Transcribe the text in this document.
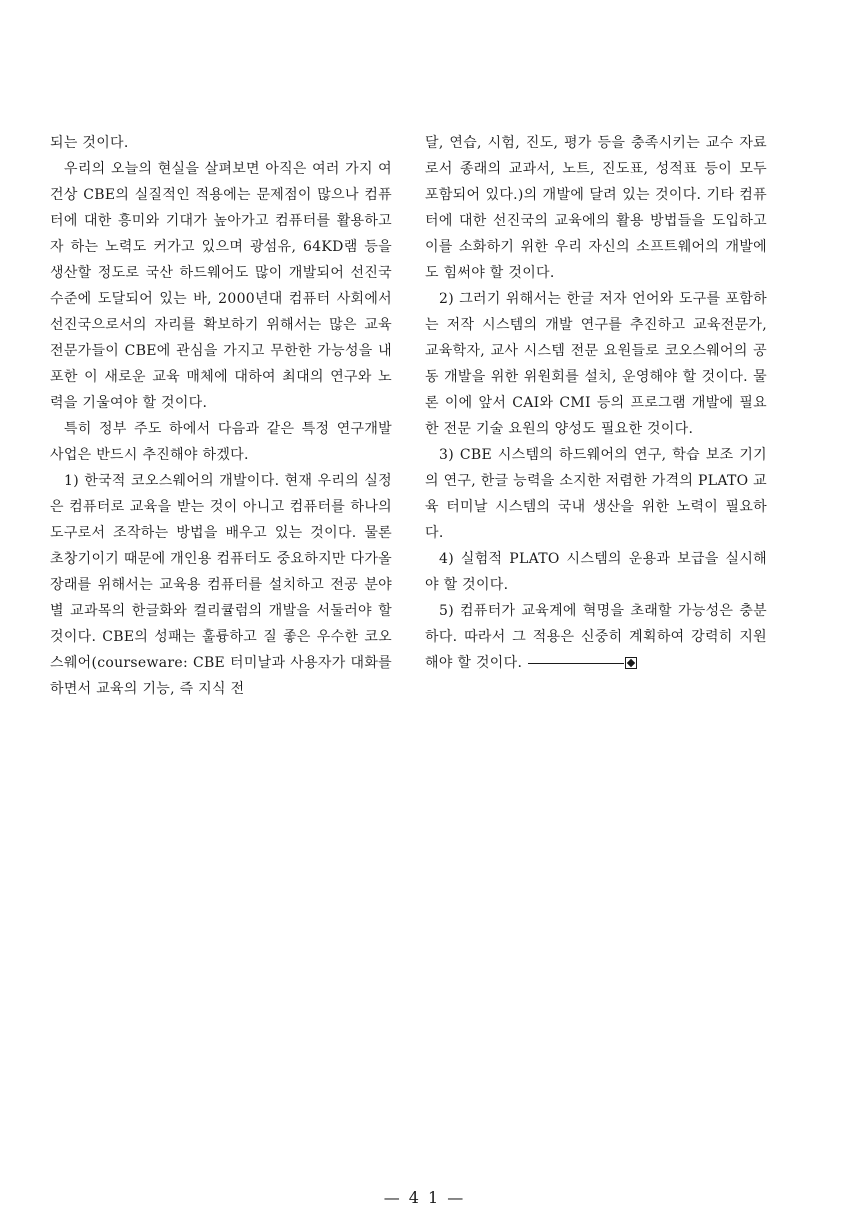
되는 것이다.

우리의 오늘의 현실을 살펴보면 아직은 여러 가지 여건상 CBE의 실질적인 적용에는 문제점이 많으나 컴퓨터에 대한 흥미와 기대가 높아가고 컴퓨터를 활용하고자 하는 노력도 커가고 있으며 광섬유, 64KD램 등을 생산할 정도로 국산 하드웨어도 많이 개발되어 선진국 수준에 도달되어 있는 바, 2000년대 컴퓨터 사회에서 선진국으로서의 자리를 확보하기 위해서는 많은 교육 전문가들이 CBE에 관심을 가지고 무한한 가능성을 내포한 이 새로운 교육 매체에 대하여 최대의 연구와 노력을 기울여야 할 것이다.

특히 정부 주도 하에서 다음과 같은 특정 연구개발 사업은 반드시 추진해야 하겠다.

1) 한국적 코오스웨어의 개발이다. 현재 우리의 실정은 컴퓨터로 교육을 받는 것이 아니고 컴퓨터를 하나의 도구로서 조작하는 방법을 배우고 있는 것이다. 물론 초창기이기 때문에 개인용 컴퓨터도 중요하지만 다가올 장래를 위해서는 교육용 컴퓨터를 설치하고 전공 분야별 교과목의 한글화와 컬리큘럼의 개발을 서둘러야 할 것이다. CBE의 성패는 훌륭하고 질 좋은 우수한 코오스웨어(courseware: CBE 터미날과 사용자가 대화를 하면서 교육의 기능, 즉 지식 전

달, 연습, 시험, 진도, 평가 등을 충족시키는 교수 자료로서 종래의 교과서, 노트, 진도표, 성적표 등이 모두 포함되어 있다.)의 개발에 달려 있는 것이다. 기타 컴퓨터에 대한 선진국의 교육에의 활용 방법들을 도입하고 이를 소화하기 위한 우리 자신의 소프트웨어의 개발에도 힘써야 할 것이다.

2) 그러기 위해서는 한글 저자 언어와 도구를 포함하는 저작 시스템의 개발 연구를 추진하고 교육전문가, 교육학자, 교사 시스템 전문 요원들로 코오스웨어의 공동 개발을 위한 위원회를 설치, 운영해야 할 것이다. 물론 이에 앞서 CAI와 CMI 등의 프로그램 개발에 필요한 전문 기술 요원의 양성도 필요한 것이다.

3) CBE 시스템의 하드웨어의 연구, 학습 보조 기기의 연구, 한글 능력을 소지한 저렴한 가격의 PLATO 교육 터미날 시스템의 국내 생산을 위한 노력이 필요하다.

4) 실험적 PLATO 시스템의 운용과 보급을 실시해야 할 것이다.

5) 컴퓨터가 교육계에 혁명을 초래할 가능성은 충분하다. 따라서 그 적용은 신중히 계획하여 강력히 지원해야 할 것이다.

— 4 1 —
